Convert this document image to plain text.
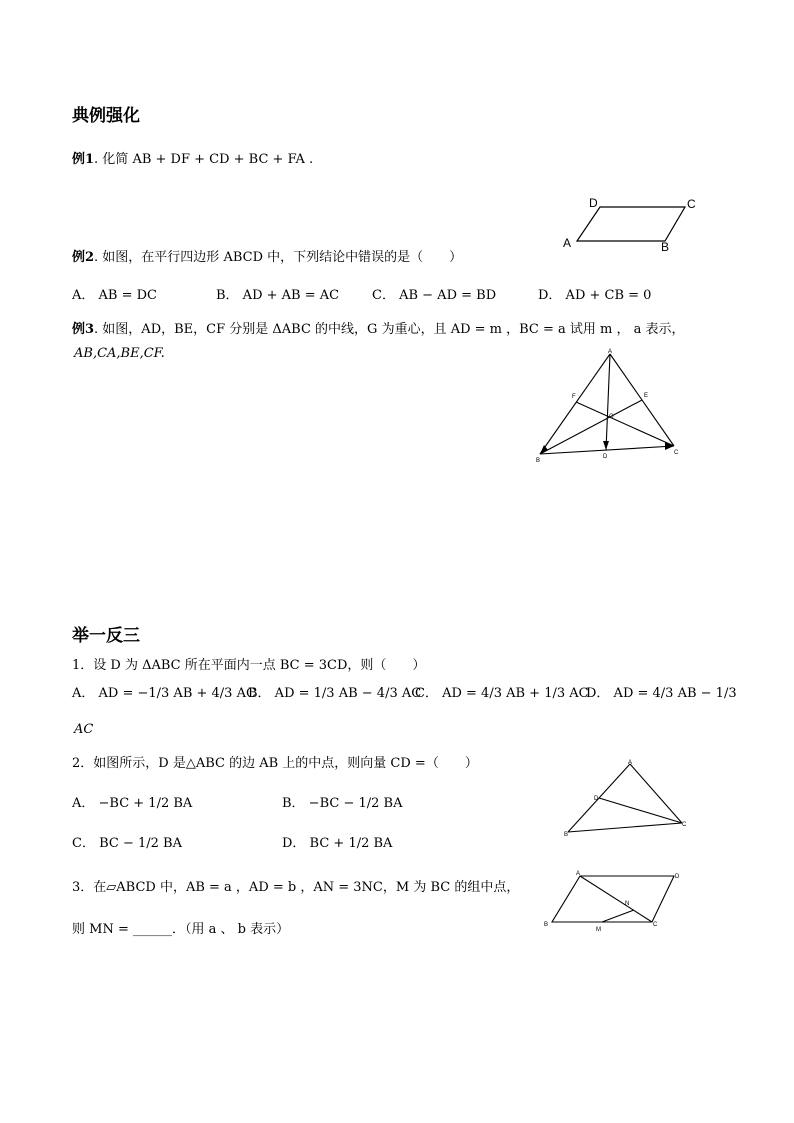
典例强化
例1. 化简 AB + DF + CD + BC + FA .
D	C
A	B
例2. 如图，在平行四边形 ABCD 中，下列结论中错误的是（　　）
A． AB = DC	B． AD + AB = AC	C． AB − AD = BD	D． AD + CB = 0
例3. 如图，AD，BE，CF 分别是 ΔABC 的中线，G 为重心，且 AD = m ，BC = a 试用 m ， a 表示，
AB,CA,BE,CF.	A
F	E
G
B
D
C
举一反三
1．设 D 为 ΔABC 所在平面内一点 BC = 3CD，则（　　）
A． AD = −1/3 AB + 4/3 AC
B． AD = 1/3 AB − 4/3 AC
C． AD = 4/3 AB + 1/3 AC
D． AD = 4/3 AB − 1/3
AC
2．如图所示，D 是△ABC 的边 AB 上的中点，则向量 CD =（　　）
A． −BC + 1/2 BA	B． −BC − 1/2 BA
C． BC − 1/2 BA	D． BC + 1/2 BA
A
D
B
C
3．在▱ABCD 中，AB = a ，AD = b ，AN = 3NC，M 为 BC 的组中点，
则 MN = ______．（用 a 、 b 表示）
A	D
N
B
M
C
